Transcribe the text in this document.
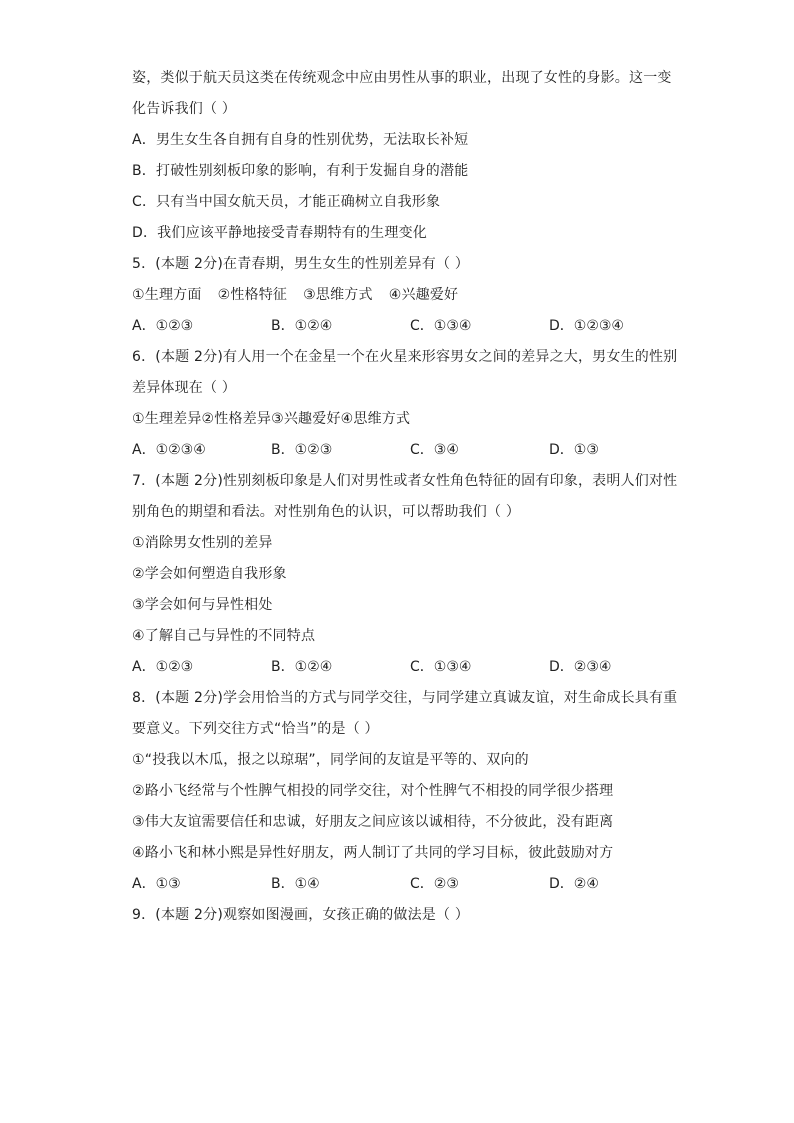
姿，类似于航天员这类在传统观念中应由男性从事的职业，出现了女性的身影。这一变
化告诉我们（ ）
A．男生女生各自拥有自身的性别优势，无法取长补短
B．打破性别刻板印象的影响，有利于发掘自身的潜能
C．只有当中国女航天员，才能正确树立自我形象
D．我们应该平静地接受青春期特有的生理变化
5．(本题 2分)在青春期，男生女生的性别差异有（ ）
①生理方面 ②性格特征 ③思维方式 ④兴趣爱好
A．①②③	B．①②④	C．①③④	D．①②③④
6．(本题 2分)有人用一个在金星一个在火星来形容男女之间的差异之大，男女生的性别
差异体现在（ ）
①生理差异②性格差异③兴趣爱好④思维方式
A．①②③④	B．①②③	C．③④	D．①③
7．(本题 2分)性别刻板印象是人们对男性或者女性角色特征的固有印象，表明人们对性
别角色的期望和看法。对性别角色的认识，可以帮助我们（ ）
①消除男女性别的差异
②学会如何塑造自我形象
③学会如何与异性相处
④了解自己与异性的不同特点
A．①②③	B．①②④	C．①③④	D．②③④
8．(本题 2分)学会用恰当的方式与同学交往，与同学建立真诚友谊，对生命成长具有重
要意义。下列交往方式“恰当”的是（ ）
①“投我以木瓜，报之以琼琚”，同学间的友谊是平等的、双向的
②路小飞经常与个性脾气相投的同学交往，对个性脾气不相投的同学很少搭理
③伟大友谊需要信任和忠诚，好朋友之间应该以诚相待，不分彼此，没有距离
④路小飞和林小熙是异性好朋友，两人制订了共同的学习目标，彼此鼓励对方
A．①③	B．①④	C．②③	D．②④
9．(本题 2分)观察如图漫画，女孩正确的做法是（ ）
